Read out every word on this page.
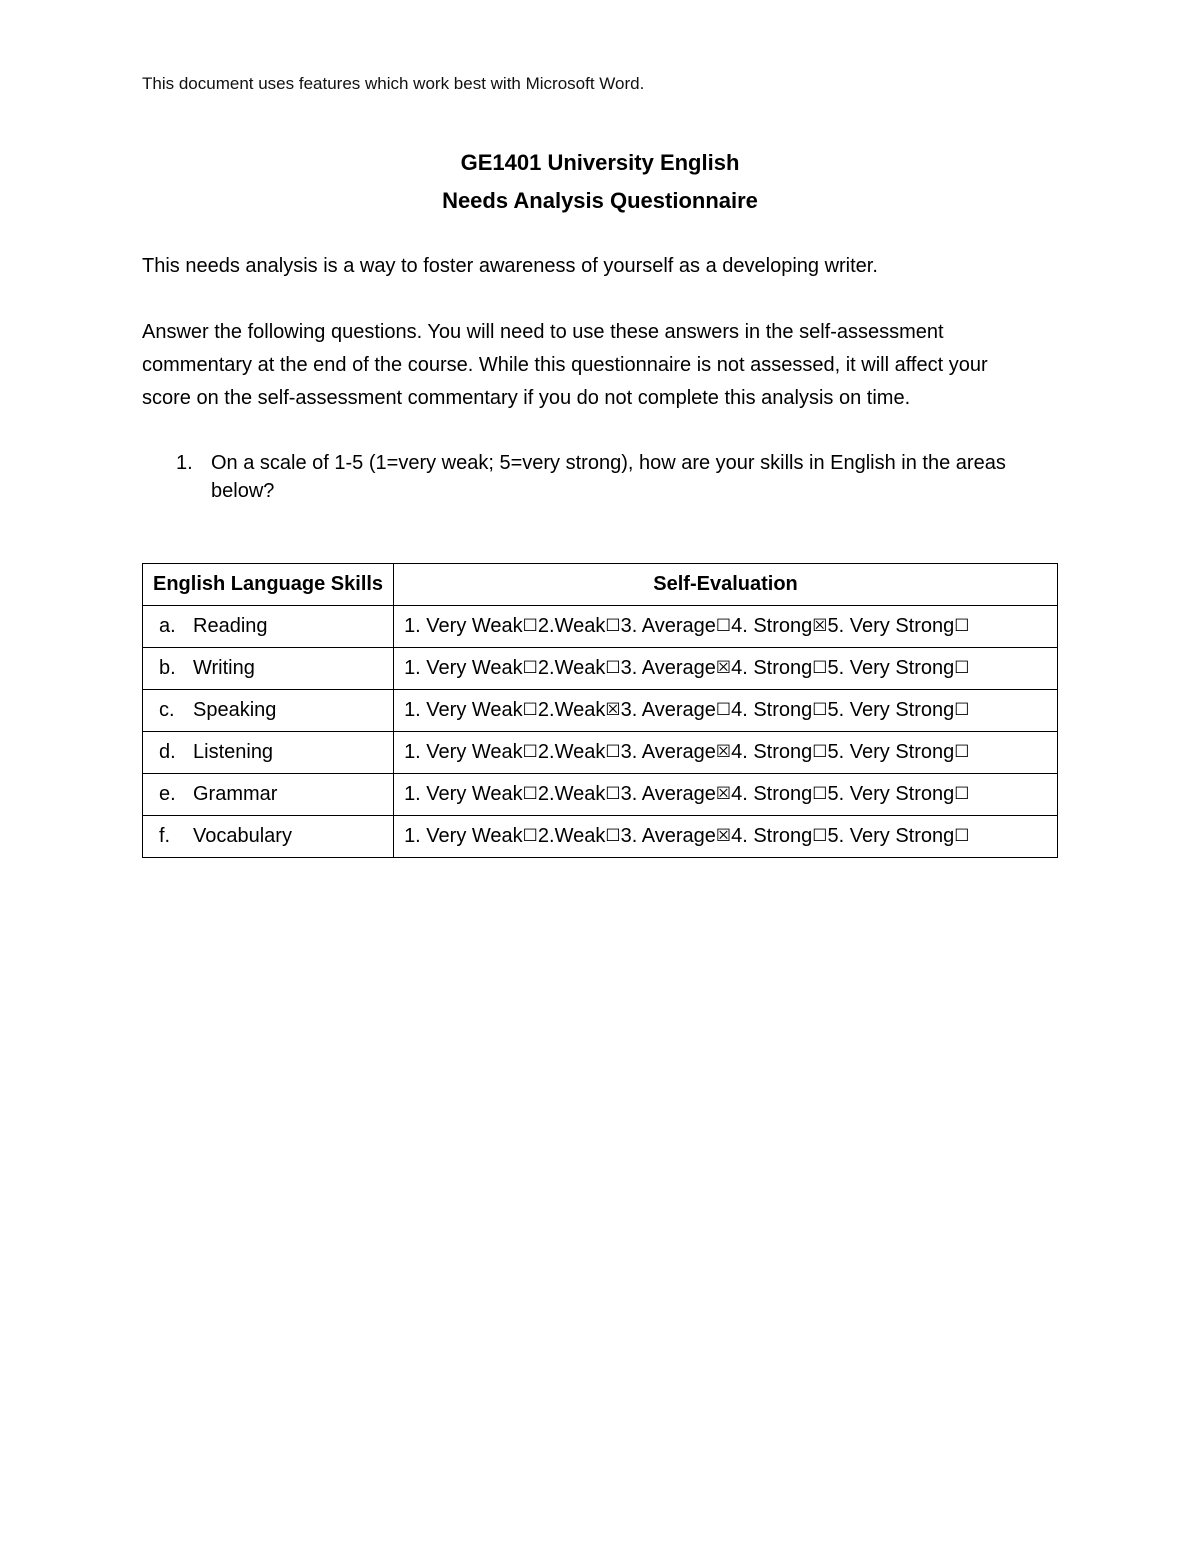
This document uses features which work best with Microsoft Word.
GE1401 University English
Needs Analysis Questionnaire
This needs analysis is a way to foster awareness of yourself as a developing writer.
Answer the following questions. You will need to use these answers in the self-assessment commentary at the end of the course. While this questionnaire is not assessed, it will affect your score on the self-assessment commentary if you do not complete this analysis on time.
1. On a scale of 1-5 (1=very weak; 5=very strong), how are your skills in English in the areas below?
English Language Skills	Self-Evaluation
a. Reading	1. Very Weak☐2.Weak☐3. Average☐4. Strong☒5. Very Strong☐
b. Writing	1. Very Weak☐2.Weak☐3. Average☒4. Strong☐5. Very Strong☐
c. Speaking	1. Very Weak☐2.Weak☒3. Average☐4. Strong☐5. Very Strong☐
d. Listening	1. Very Weak☐2.Weak☐3. Average☒4. Strong☐5. Very Strong☐
e. Grammar	1. Very Weak☐2.Weak☐3. Average☒4. Strong☐5. Very Strong☐
f. Vocabulary	1. Very Weak☐2.Weak☐3. Average☒4. Strong☐5. Very Strong☐
